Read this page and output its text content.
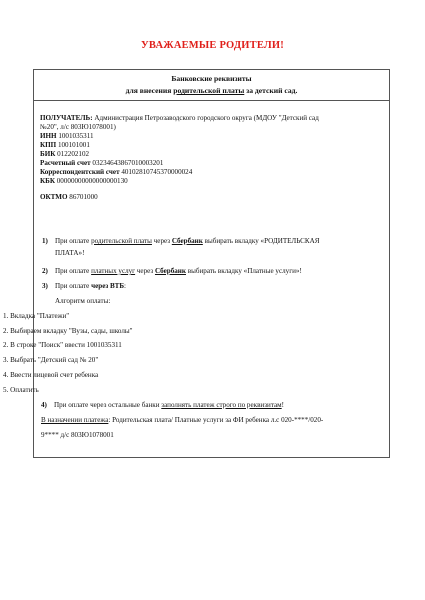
УВАЖАЕМЫЕ РОДИТЕЛИ!
Банковские реквизиты
для внесения родительской платы за детский сад.
ПОЛУЧАТЕЛЬ: Администрация Петрозаводского городского округа (МДОУ "Детский сад
№20", л/с 803Ю1078001)
ИНН 1001035311
КПП 100101001
БИК 012202102
Расчетный счет 03234643867010003201
Корреспондентский счет 40102810745370000024
КБК 00000000000000000130
ОКТМО 86701000
1) При оплате родительской платы через Сбербанк выбирать вкладку «РОДИТЕЛЬСКАЯ
ПЛАТА»!
2) При оплате платных услуг через Сбербанк выбирать вкладку «Платные услуги»!
3) При оплате через ВТБ:
Алгоритм оплаты:
1. Вкладка "Платежи"
2. Выбираем вкладку "Вузы, сады, школы"
2. В строке "Поиск" ввести 1001035311
3. Выбрать "Детский сад № 20"
4. Ввести лицевой счет ребенка
5. Оплатить
4) При оплате через остальные банки заполнять платеж строго по реквизитам!
В назначении платежа: Родительская плата/ Платные услуги за ФИ ребенка л.с 020-****/020-
9**** д/с 803Ю1078001
